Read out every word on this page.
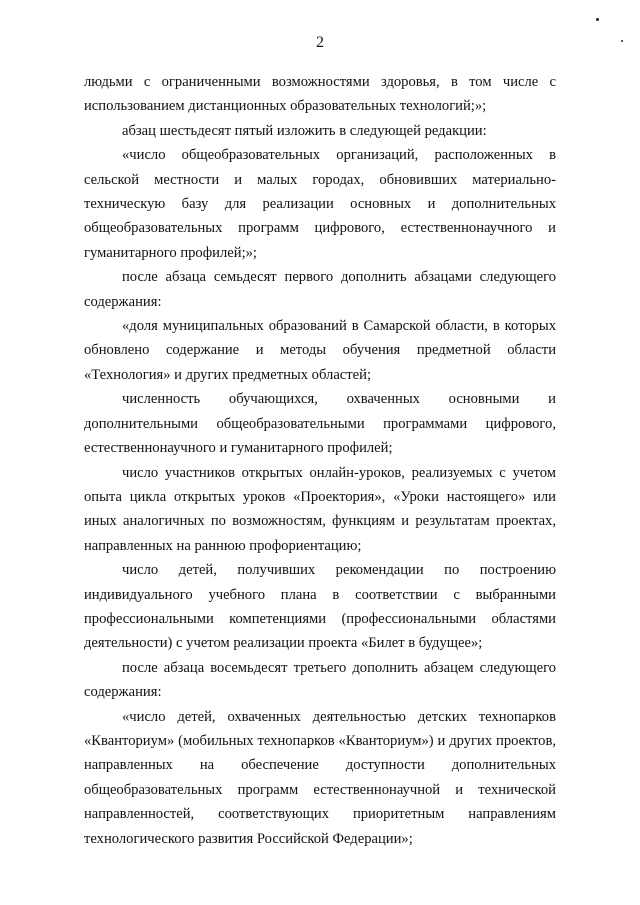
2

людьми с ограниченными возможностями здоровья, в том числе с использованием дистанционных образовательных технологий;»;

абзац шестьдесят пятый изложить в следующей редакции:

«число общеобразовательных организаций, расположенных в сельской местности и малых городах, обновивших материально-техническую базу для реализации основных и дополнительных общеобразовательных программ цифрового, естественнонаучного и гуманитарного профилей;»;

после абзаца семьдесят первого дополнить абзацами следующего содержания:

«доля муниципальных образований в Самарской области, в которых обновлено содержание и методы обучения предметной области «Технология» и других предметных областей;

численность обучающихся, охваченных основными и дополнительными общеобразовательными программами цифрового, естественнонаучного и гуманитарного профилей;

число участников открытых онлайн-уроков, реализуемых с учетом опыта цикла открытых уроков «Проектория», «Уроки настоящего» или иных аналогичных по возможностям, функциям и результатам проектах, направленных на раннюю профориентацию;

число детей, получивших рекомендации по построению индивидуального учебного плана в соответствии с выбранными профессиональными компетенциями (профессиональными областями деятельности) с учетом реализации проекта «Билет в будущее»;

после абзаца восемьдесят третьего дополнить абзацем следующего содержания:

«число детей, охваченных деятельностью детских технопарков «Кванториум» (мобильных технопарков «Кванториум») и других проектов, направленных на обеспечение доступности дополнительных общеобразовательных программ естественнонаучной и технической направленностей, соответствующих приоритетным направлениям технологического развития Российской Федерации»;
